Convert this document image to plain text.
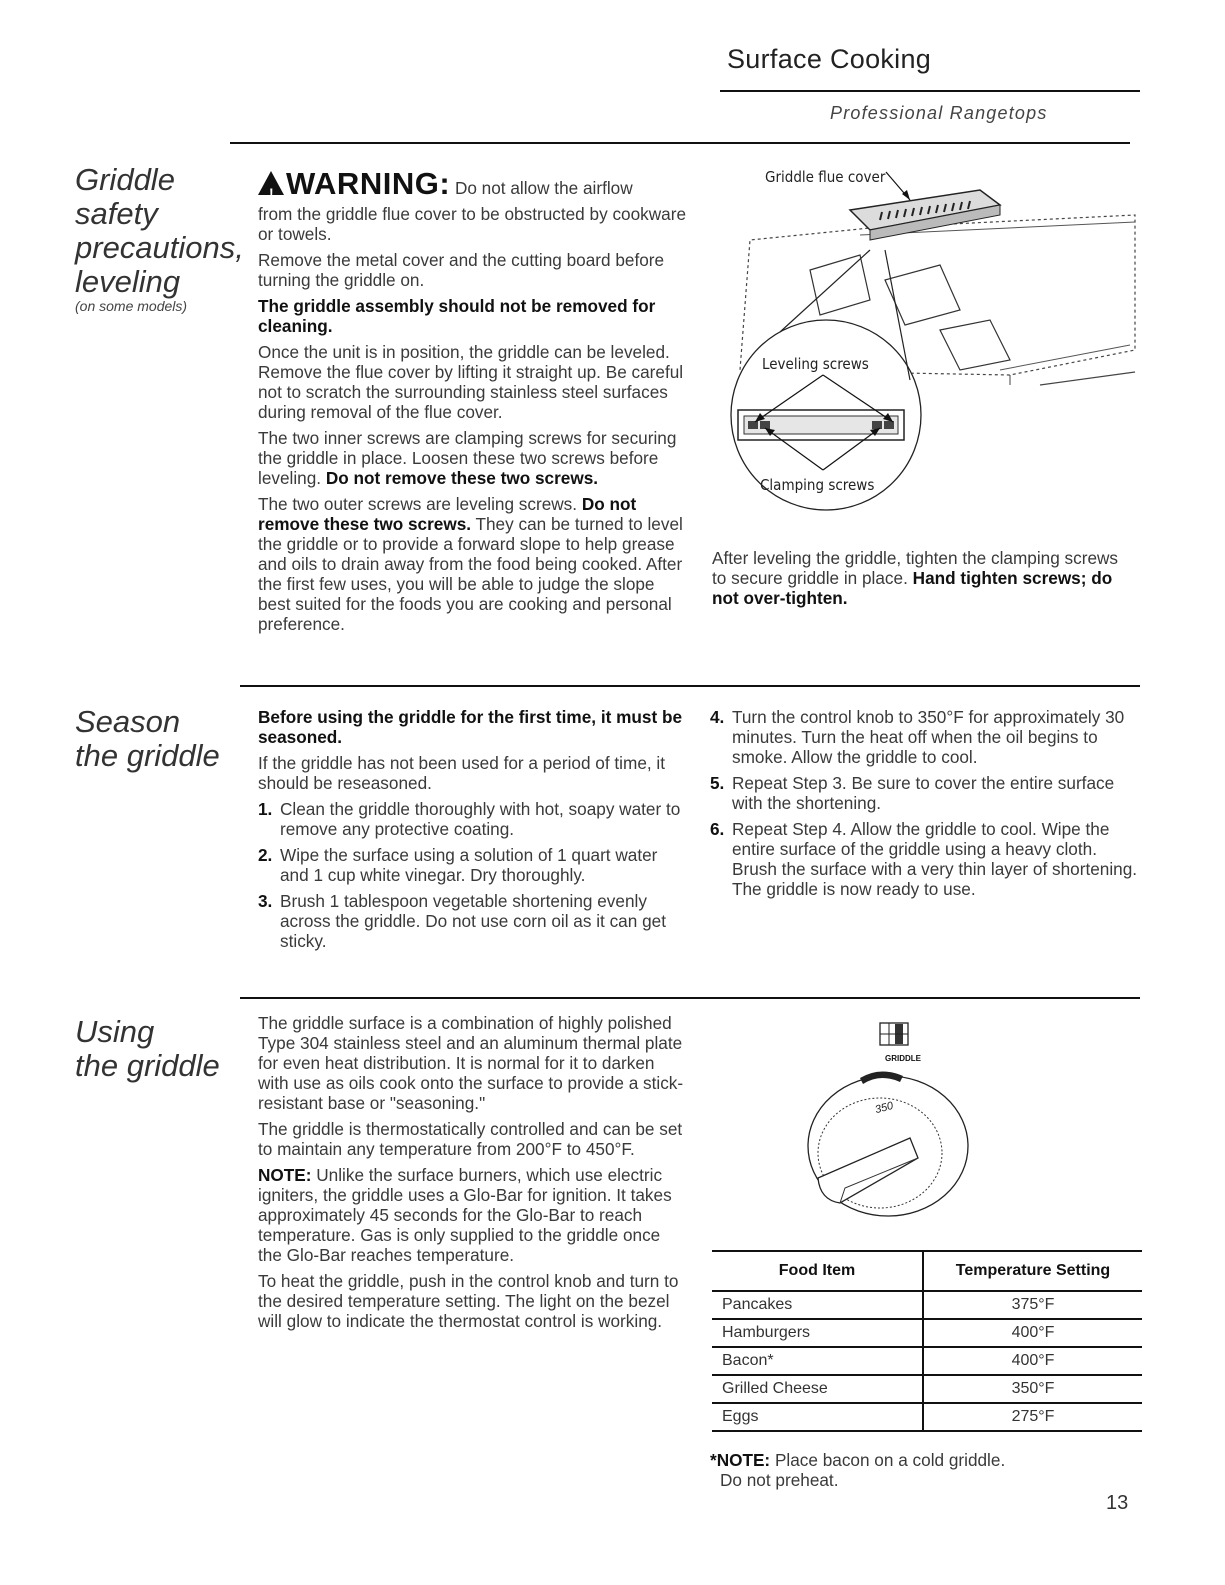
Surface Cooking
Professional Rangetops
Griddle
safety
precautions,
leveling
(on some models)
! WARNING: Do not allow the airflow

from the griddle flue cover to be obstructed by cookware or towels.

Remove the metal cover and the cutting board before turning the griddle on.

The griddle assembly should not be removed for cleaning.

Once the unit is in position, the griddle can be leveled. Remove the flue cover by lifting it straight up. Be careful not to scratch the surrounding stainless steel surfaces during removal of the flue cover.

The two inner screws are clamping screws for securing the griddle in place. Loosen these two screws before leveling. Do not remove these two screws.

The two outer screws are leveling screws. Do not remove these two screws. They can be turned to level the griddle or to provide a forward slope to help grease and oils to drain away from the food being cooked. After the first few uses, you will be able to judge the slope best suited for the foods you are cooking and personal preference.

Griddle flue cover
Leveling screws
Clamping screws

After leveling the griddle, tighten the clamping screws to secure griddle in place. Hand tighten screws; do not over-tighten.

Season
the griddle

Before using the griddle for the first time, it must be seasoned.

If the griddle has not been used for a period of time, it should be reseasoned.

1. Clean the griddle thoroughly with hot, soapy water to remove any protective coating.
2. Wipe the surface using a solution of 1 quart water and 1 cup white vinegar. Dry thoroughly.
3. Brush 1 tablespoon vegetable shortening evenly across the griddle. Do not use corn oil as it can get sticky.
4. Turn the control knob to 350°F for approximately 30 minutes. Turn the heat off when the oil begins to smoke. Allow the griddle to cool.
5. Repeat Step 3. Be sure to cover the entire surface with the shortening.
6. Repeat Step 4. Allow the griddle to cool. Wipe the entire surface of the griddle using a heavy cloth. Brush the surface with a very thin layer of shortening. The griddle is now ready to use.
Using
the griddle

The griddle surface is a combination of highly polished Type 304 stainless steel and an aluminum thermal plate for even heat distribution. It is normal for it to darken with use as oils cook onto the surface to provide a stick-resistant base or "seasoning."

The griddle is thermostatically controlled and can be set to maintain any temperature from 200°F to 450°F.

NOTE: Unlike the surface burners, which use electric igniters, the griddle uses a Glo-Bar for ignition. It takes approximately 45 seconds for the Glo-Bar to reach temperature. Gas is only supplied to the griddle once the Glo-Bar reaches temperature.

To heat the griddle, push in the control knob and turn to the desired temperature setting. The light on the bezel will glow to indicate the thermostat control is working.

GRIDDLE
350
Food Item	Temperature Setting
Pancakes	375°F
Hamburgers	400°F
Bacon*	400°F
Grilled Cheese	350°F
Eggs	275°F
*NOTE: Place bacon on a cold griddle.
Do not preheat.
13
